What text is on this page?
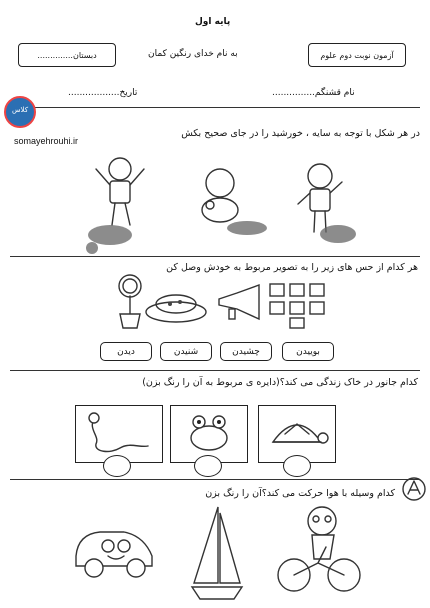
پایه اول
آزمون نوبت دوم علوم
به نام خدای رنگین کمان
دبستان..............
نام قشنگم...............
تاریخ..................
کلاس
somayehrouhi.ir
در هر شکل با توجه به سایه ، خورشید را در جای صحیح بکش
هر کدام از حس های زیر را به تصویر مربوط به خودش وصل کن
بوییدن
چشیدن
شنیدن
دیدن
کدام جانور در خاک زندگی می کند؟(دایره ی مربوط به آن را رنگ بزن)
کدام وسیله با هوا حرکت می کند؟آن را رنگ بزن
